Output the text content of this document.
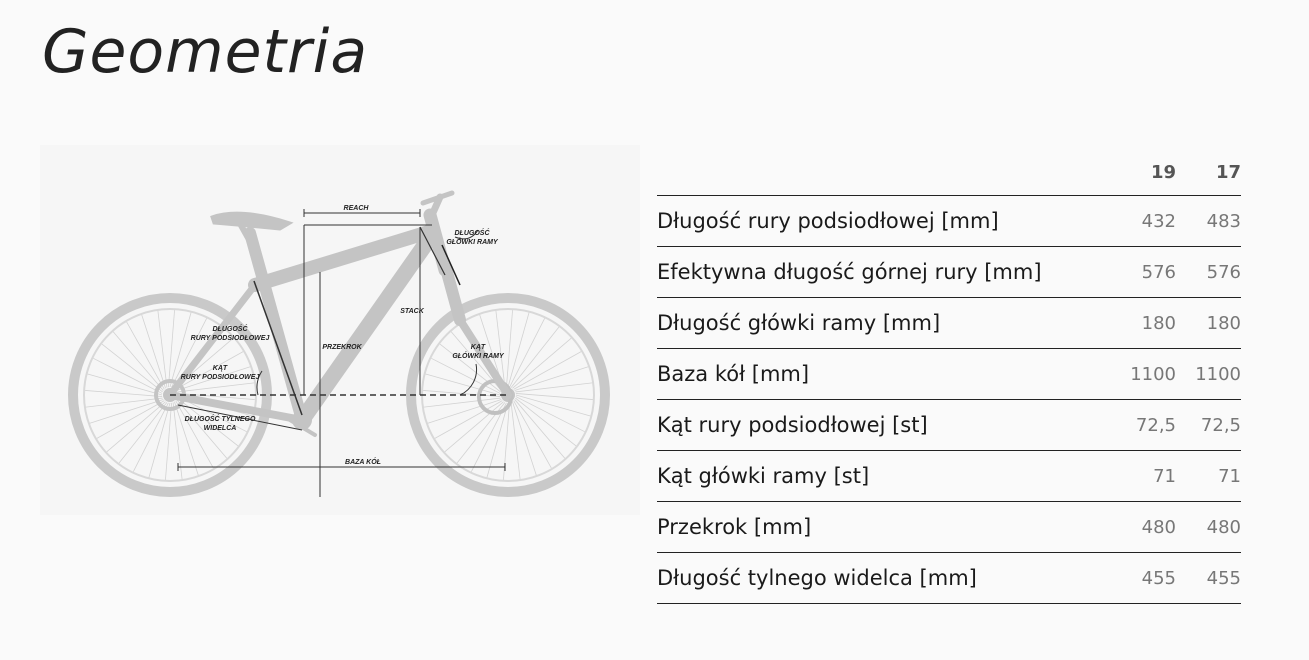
Geometria
REACH
DŁUGOŚĆ
GŁÓWKI RAMY
STACK
DŁUGOŚĆ
RURY PODSIODŁOWEJ
PRZEKROK
KĄT
RURY PODSIODŁOWEJ
KĄT
GŁÓWKI RAMY
DŁUGOŚĆ TYLNEGO
WIDELCA
BAZA KÓŁ
19	17
Długość rury podsiodłowej [mm]	432	483
Efektywna długość górnej rury [mm]	576	576
Długość główki ramy [mm]	180	180
Baza kół [mm]	1100	1100
Kąt rury podsiodłowej [st]	72,5	72,5
Kąt główki ramy [st]	71	71
Przekrok [mm]	480	480
Długość tylnego widelca [mm]	455	455
